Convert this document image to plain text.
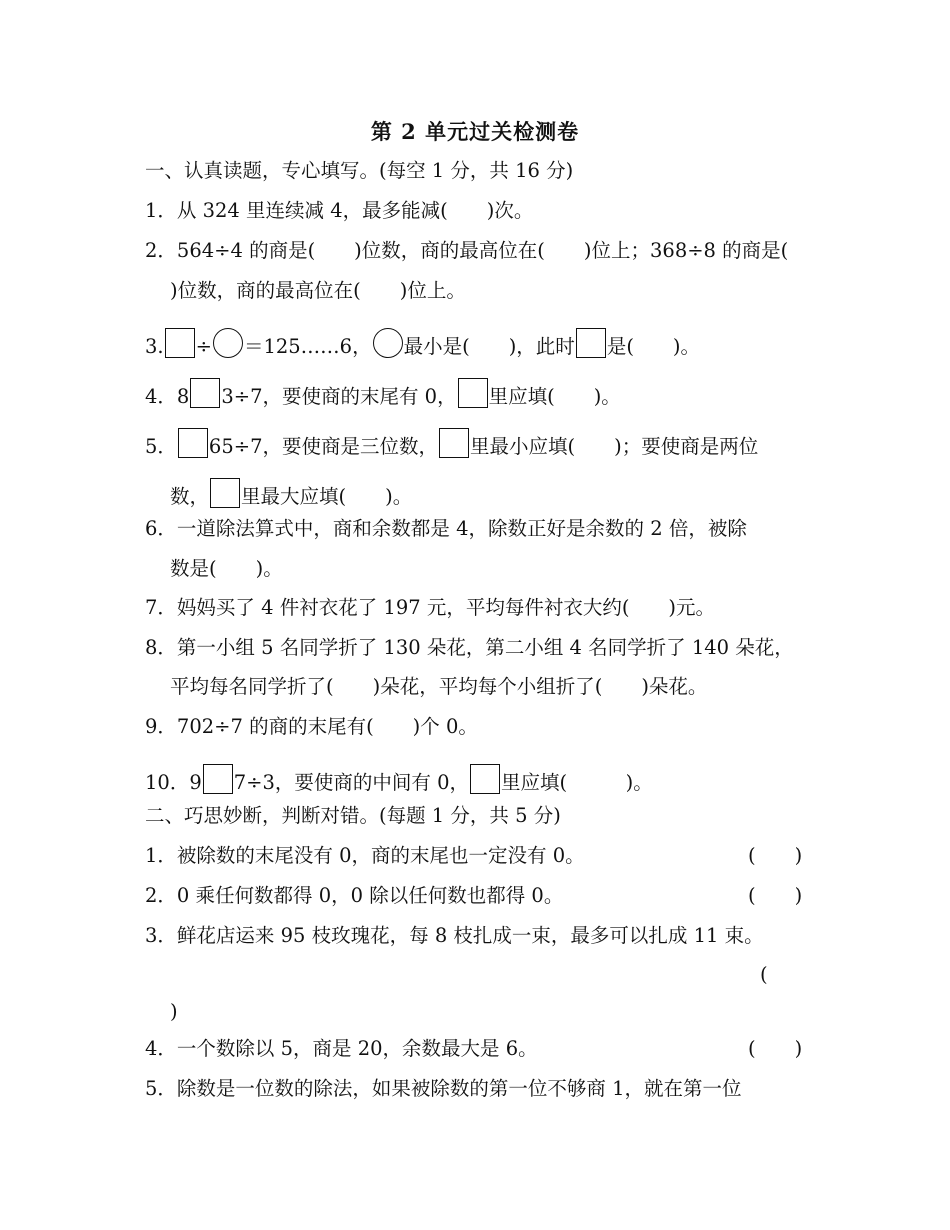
第 2 单元过关检测卷
一、认真读题，专心填写。(每空 1 分，共 16 分)
1．从 324 里连续减 4，最多能减(　　)次。
2．564÷4 的商是(　　)位数，商的最高位在(　　)位上；368÷8 的商是(
)位数，商的最高位在(　　)位上。
3. ÷ ＝125……6， 最小是(　　)，此时 是(　　)。
4．8 3÷7，要使商的末尾有 0， 里应填(　　)。
5． 65÷7，要使商是三位数， 里最小应填(　　)；要使商是两位
数， 里最大应填(　　)。
6．一道除法算式中，商和余数都是 4，除数正好是余数的 2 倍，被除
数是(　　)。
7．妈妈买了 4 件衬衣花了 197 元，平均每件衬衣大约(　　)元。
8．第一小组 5 名同学折了 130 朵花，第二小组 4 名同学折了 140 朵花，
平均每名同学折了(　　)朵花，平均每个小组折了(　　)朵花。
9．702÷7 的商的末尾有(　　)个 0。
10．9 7÷3，要使商的中间有 0， 里应填(　　　)。
二、巧思妙断，判断对错。(每题 1 分，共 5 分)
1．被除数的末尾没有 0，商的末尾也一定没有 0。	(　　)
2．0 乘任何数都得 0，0 除以任何数也都得 0。	(　　)
3．鲜花店运来 95 枝玫瑰花，每 8 枝扎成一束，最多可以扎成 11 束。
(
)
4．一个数除以 5，商是 20，余数最大是 6。	(　　)
5．除数是一位数的除法，如果被除数的第一位不够商 1，就在第一位
